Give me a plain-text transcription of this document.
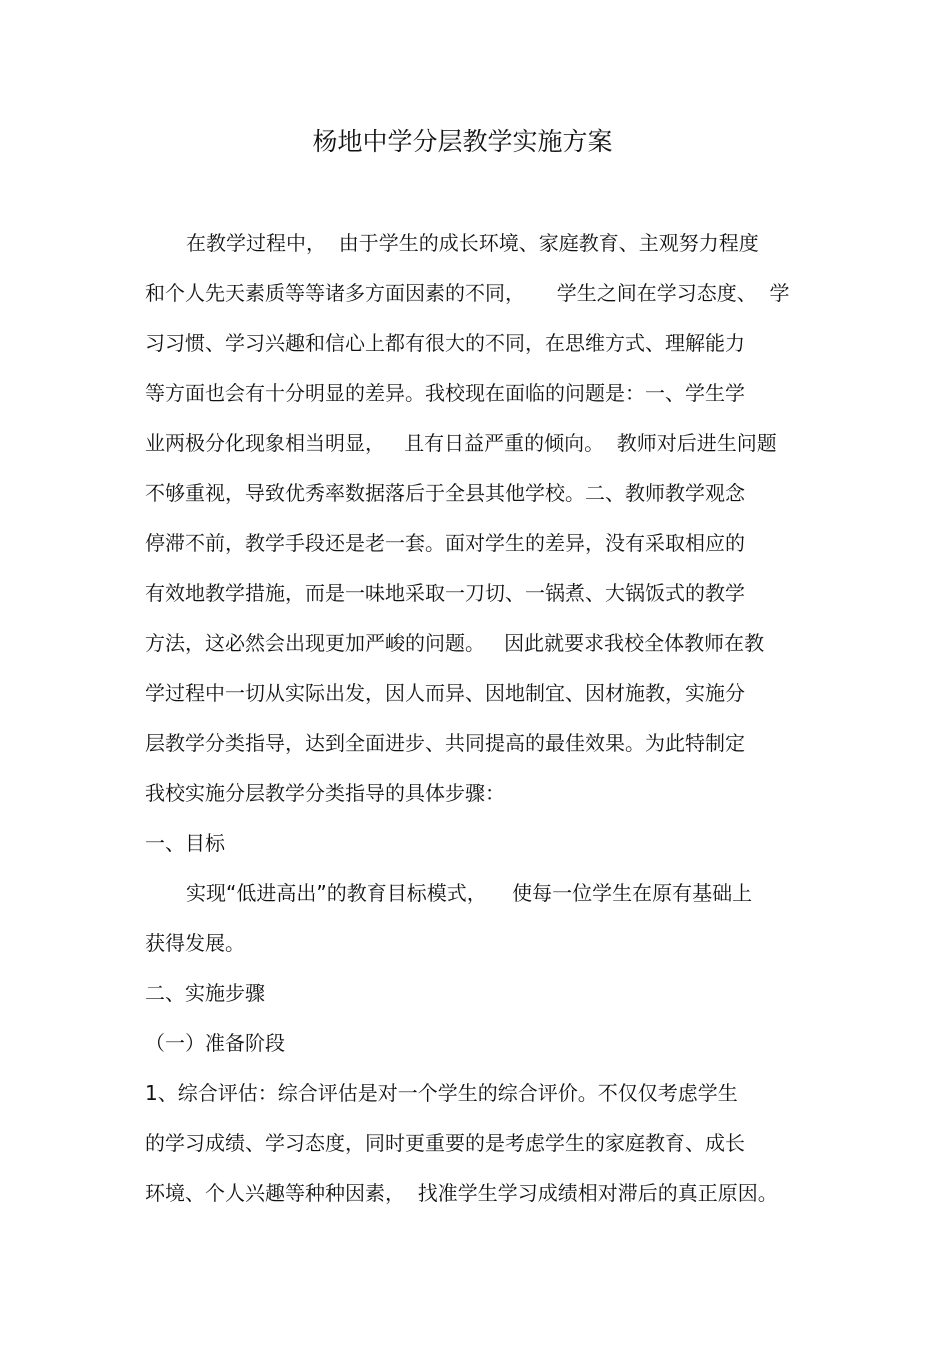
杨地中学分层教学实施方案
在教学过程中，  由于学生的成长环境、家庭教育、主观努力程度
和个人先天素质等等诸多方面因素的不同，     学生之间在学习态度、  学
习习惯、学习兴趣和信心上都有很大的不同，在思维方式、理解能力
等方面也会有十分明显的差异。我校现在面临的问题是：一、学生学
业两极分化现象相当明显，   且有日益严重的倾向。  教师对后进生问题
不够重视，导致优秀率数据落后于全县其他学校。二、教师教学观念
停滞不前，教学手段还是老一套。面对学生的差异，没有采取相应的
有效地教学措施，而是一味地采取一刀切、一锅煮、大锅饭式的教学
方法，这必然会出现更加严峻的问题。   因此就要求我校全体教师在教
学过程中一切从实际出发，因人而异、因地制宜、因材施教，实施分
层教学分类指导，达到全面进步、共同提高的最佳效果。为此特制定
我校实施分层教学分类指导的具体步骤：
一、目标
实现“低进高出”的教育目标模式，    使每一位学生在原有基础上
获得发展。
二、实施步骤
（一）准备阶段
1、综合评估：综合评估是对一个学生的综合评价。不仅仅考虑学生
的学习成绩、学习态度，同时更重要的是考虑学生的家庭教育、成长
环境、个人兴趣等种种因素，  找准学生学习成绩相对滞后的真正原因。
